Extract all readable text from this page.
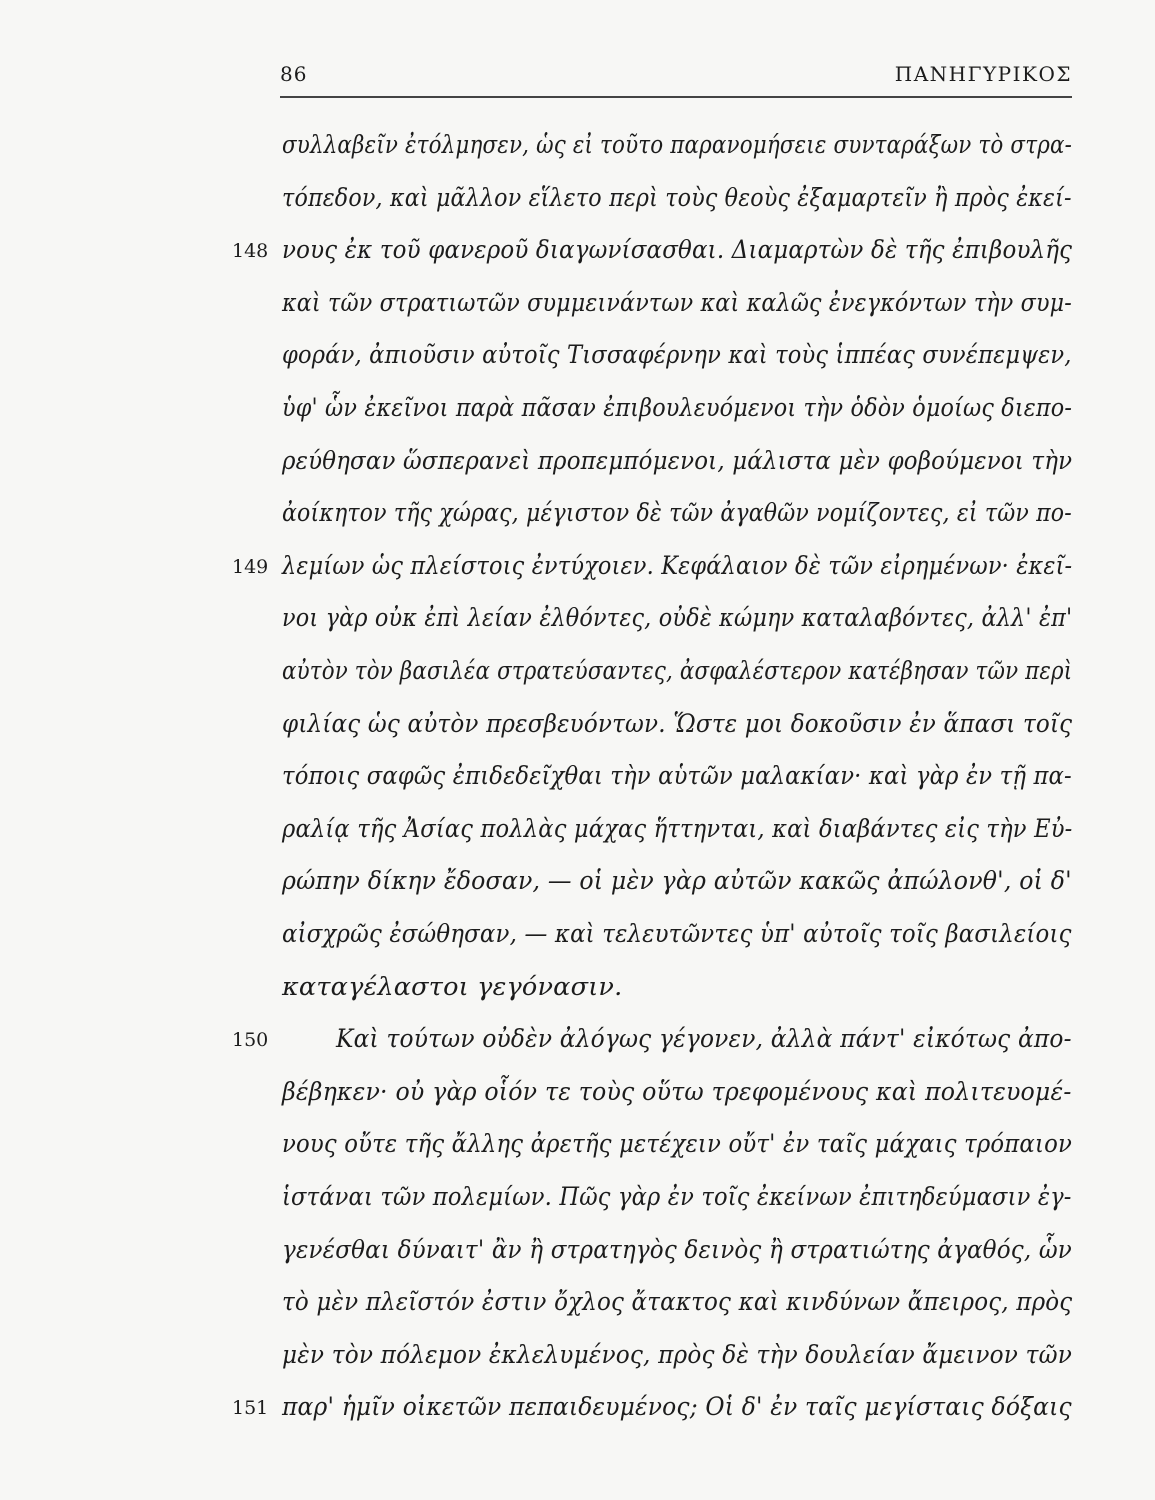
86	ΠΑΝΗΓΥΡΙΚΟΣ
συλλαβεῖν ἐτόλμησεν, ὡς εἰ τοῦτο παρανομήσειε συνταράξων τὸ στρα-
τόπεδον, καὶ μᾶλλον εἵλετο περὶ τοὺς θεοὺς ἐξαμαρτεῖν ἢ πρὸς ἐκεί-
νους ἐκ τοῦ φανεροῦ διαγωνίσασθαι. Διαμαρτὼν δὲ τῆς ἐπιβουλῆς
148
καὶ τῶν στρατιωτῶν συμμεινάντων καὶ καλῶς ἐνεγκόντων τὴν συμ-
φοράν, ἀπιοῦσιν αὐτοῖς Τισσαφέρνην καὶ τοὺς ἱππέας συνέπεμψεν,
ὑφ' ὧν ἐκεῖνοι παρὰ πᾶσαν ἐπιβουλευόμενοι τὴν ὁδὸν ὁμοίως διεπο-
ρεύθησαν ὥσπερανεὶ προπεμπόμενοι, μάλιστα μὲν φοβούμενοι τὴν
ἀοίκητον τῆς χώρας, μέγιστον δὲ τῶν ἀγαθῶν νομίζοντες, εἰ τῶν πο-
λεμίων ὡς πλείστοις ἐντύχοιεν. Κεφάλαιον δὲ τῶν εἰρημένων· ἐκεῖ-
149
νοι γὰρ οὐκ ἐπὶ λείαν ἐλθόντες, οὐδὲ κώμην καταλαβόντες, ἀλλ' ἐπ'
αὐτὸν τὸν βασιλέα στρατεύσαντες, ἀσφαλέστερον κατέβησαν τῶν περὶ
φιλίας ὡς αὐτὸν πρεσβευόντων. Ὥστε μοι δοκοῦσιν ἐν ἅπασι τοῖς
τόποις σαφῶς ἐπιδεδεῖχθαι τὴν αὑτῶν μαλακίαν· καὶ γὰρ ἐν τῇ πα-
ραλίᾳ τῆς Ἀσίας πολλὰς μάχας ἥττηνται, καὶ διαβάντες εἰς τὴν Εὐ-
ρώπην δίκην ἔδοσαν, — οἱ μὲν γὰρ αὐτῶν κακῶς ἀπώλονθ', οἱ δ'
αἰσχρῶς ἐσώθησαν, — καὶ τελευτῶντες ὑπ' αὐτοῖς τοῖς βασιλείοις
καταγέλαστοι γεγόνασιν.
Καὶ τούτων οὐδὲν ἀλόγως γέγονεν, ἀλλὰ πάντ' εἰκότως ἀπο-
150
βέβηκεν· οὐ γὰρ οἷόν τε τοὺς οὕτω τρεφομένους καὶ πολιτευομέ-
νους οὔτε τῆς ἄλλης ἀρετῆς μετέχειν οὔτ' ἐν ταῖς μάχαις τρόπαιον
ἱστάναι τῶν πολεμίων. Πῶς γὰρ ἐν τοῖς ἐκείνων ἐπιτηδεύμασιν ἐγ-
γενέσθαι δύναιτ' ἂν ἢ στρατηγὸς δεινὸς ἢ στρατιώτης ἀγαθός, ὧν
τὸ μὲν πλεῖστόν ἐστιν ὄχλος ἄτακτος καὶ κινδύνων ἄπειρος, πρὸς
μὲν τὸν πόλεμον ἐκλελυμένος, πρὸς δὲ τὴν δουλείαν ἄμεινον τῶν
παρ' ἡμῖν οἰκετῶν πεπαιδευμένος; Οἱ δ' ἐν ταῖς μεγίσταις δόξαις
151
